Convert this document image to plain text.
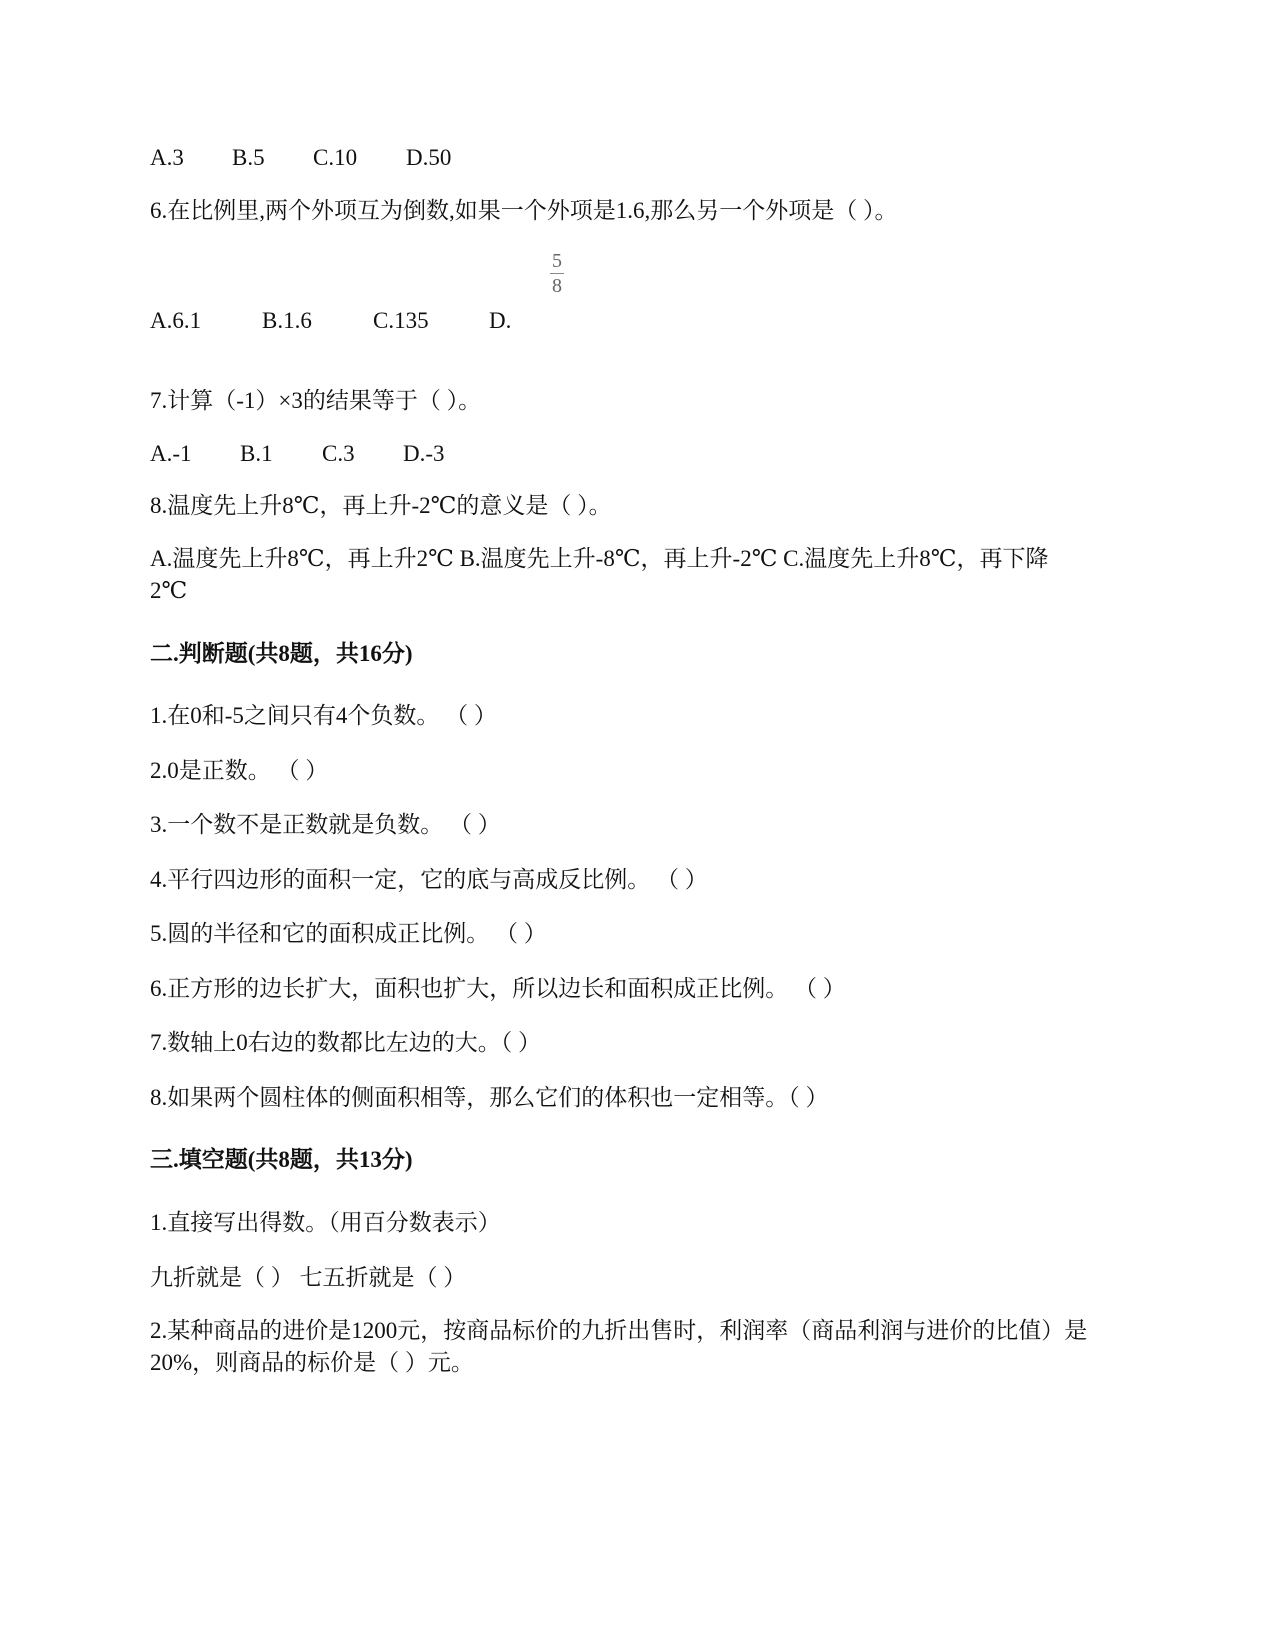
A.3 B.5 C.10 D.50
6.在比例里,两个外项互为倒数,如果一个外项是1.6,那么另一个外项是（ ）。
A.6.1	B.1.6	C.135	D.
5
8
7.计算（-1）×3的结果等于（ ）。
A.-1 B.1 C.3 D.-3
8.温度先上升8℃，再上升-2℃的意义是（ ）。
A.温度先上升8℃，再上升2℃ B.温度先上升-8℃，再上升-2℃ C.温度先上升8℃，再下降2℃
二.判断题(共8题，共16分)
1.在0和-5之间只有4个负数。 （ ）
2.0是正数。 （ ）
3.一个数不是正数就是负数。 （ ）
4.平行四边形的面积一定，它的底与高成反比例。 （ ）
5.圆的半径和它的面积成正比例。 （ ）
6.正方形的边长扩大，面积也扩大，所以边长和面积成正比例。 （ ）
7.数轴上0右边的数都比左边的大。（ ）
8.如果两个圆柱体的侧面积相等，那么它们的体积也一定相等。（ ）
三.填空题(共8题，共13分)
1.直接写出得数。（用百分数表示）
九折就是（ ） 七五折就是（ ）
2.某种商品的进价是1200元，按商品标价的九折出售时，利润率（商品利润与进价的比值）是20%，则商品的标价是（ ）元。
